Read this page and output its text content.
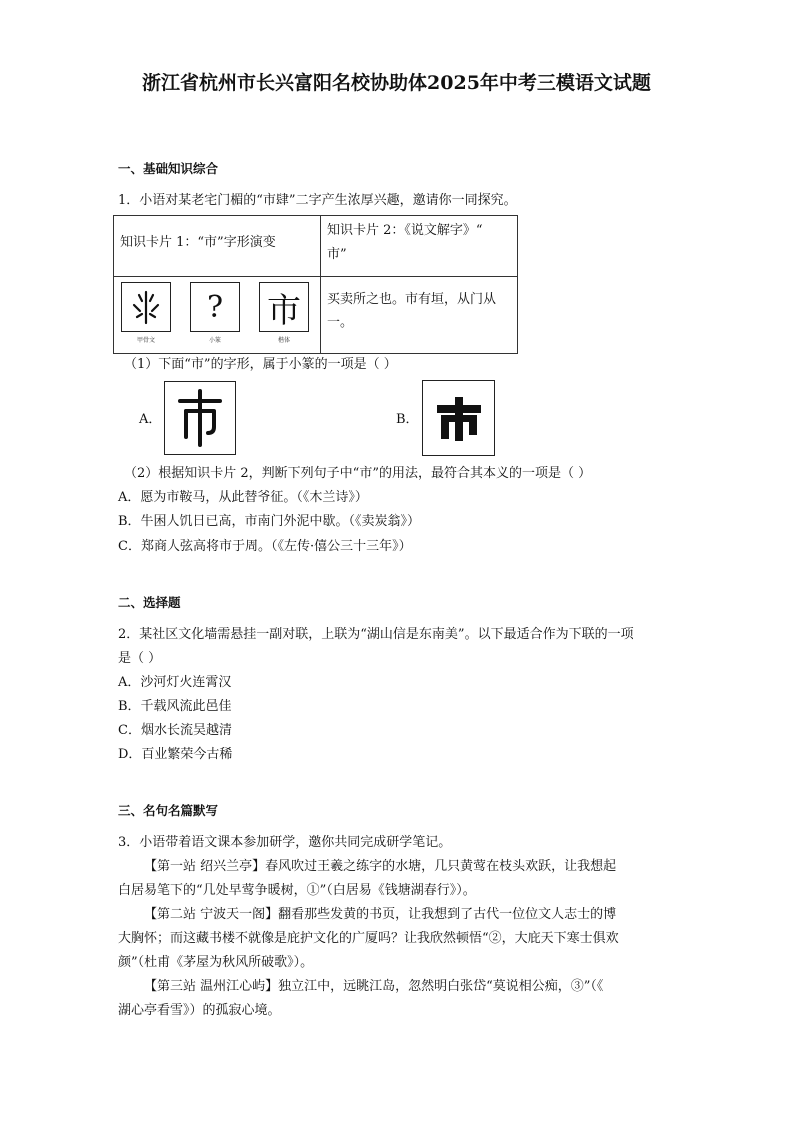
浙江省杭州市长兴富阳名校协助体2025年中考三模语文试题
一、基础知识综合
1．小语对某老宅门楣的“市肆”二字产生浓厚兴趣，邀请你一同探究。
知识卡片 1：“市”字形演变
知识卡片 2：《说文解字》“
市”
甲骨文
?
小篆
市
楷体
买卖所之也。市有垣，从门从
一。
（1）下面“市”的字形，属于小篆的一项是（ ）
A．	B．
（2）根据知识卡片 2，判断下列句子中“市”的用法，最符合其本义的一项是（ ）
A．愿为市鞍马，从此替爷征。（《木兰诗》）
B．牛困人饥日已高，市南门外泥中歇。（《卖炭翁》）
C．郑商人弦高将市于周。（《左传·僖公三十三年》）
二、选择题
2．某社区文化墙需悬挂一副对联，上联为“湖山信是东南美”。以下最适合作为下联的一项
是（ ）
A．沙河灯火连霄汉
B．千载风流此邑佳
C．烟水长流吴越清
D．百业繁荣今古稀
三、名句名篇默写
3．小语带着语文课本参加研学，邀你共同完成研学笔记。
【第一站 绍兴兰亭】春风吹过王羲之练字的水塘，几只黄莺在枝头欢跃，让我想起
白居易笔下的“几处早莺争暖树，①”（白居易《钱塘湖春行》）。
【第二站 宁波天一阁】翻看那些发黄的书页，让我想到了古代一位位文人志士的博
大胸怀；而这藏书楼不就像是庇护文化的广厦吗？让我欣然顿悟“②，大庇天下寒士俱欢
颜”（杜甫《茅屋为秋风所破歌》）。
【第三站 温州江心屿】独立江中，远眺江岛，忽然明白张岱“莫说相公痴，③”（《
湖心亭看雪》）的孤寂心境。
